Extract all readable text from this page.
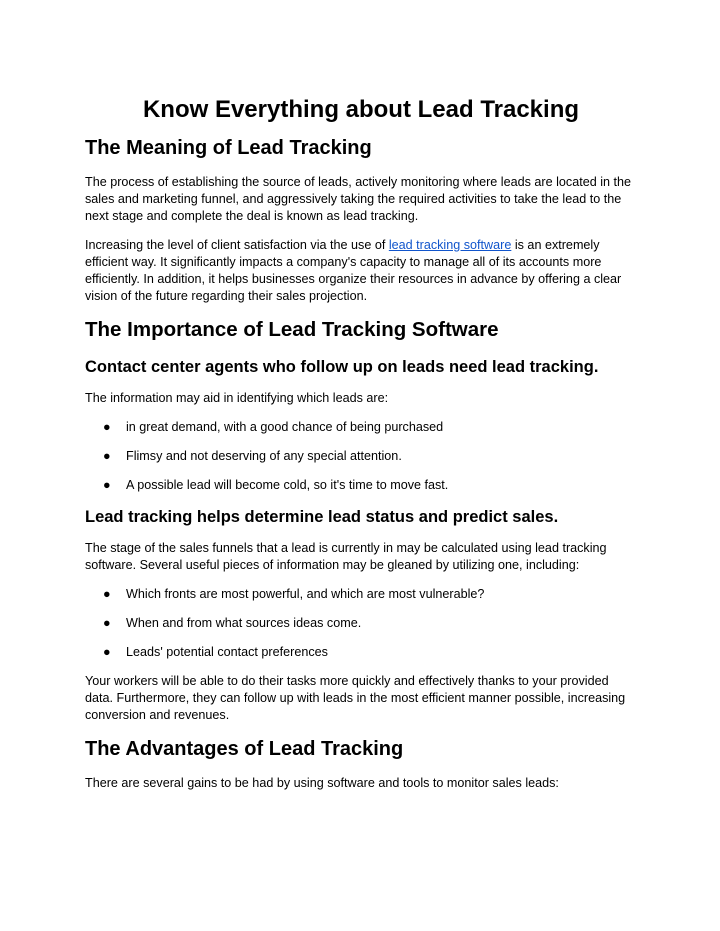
Know Everything about Lead Tracking
The Meaning of Lead Tracking

The process of establishing the source of leads, actively monitoring where leads are located in the sales and marketing funnel, and aggressively taking the required activities to take the lead to the next stage and complete the deal is known as lead tracking.

Increasing the level of client satisfaction via the use of lead tracking software is an extremely efficient way. It significantly impacts a company's capacity to manage all of its accounts more efficiently. In addition, it helps businesses organize their resources in advance by offering a clear vision of the future regarding their sales projection.

The Importance of Lead Tracking Software
Contact center agents who follow up on leads need lead tracking.

The information may aid in identifying which leads are:

● in great demand, with a good chance of being purchased
● Flimsy and not deserving of any special attention.
● A possible lead will become cold, so it's time to move fast.
Lead tracking helps determine lead status and predict sales.

The stage of the sales funnels that a lead is currently in may be calculated using lead tracking software. Several useful pieces of information may be gleaned by utilizing one, including:

● Which fronts are most powerful, and which are most vulnerable?
● When and from what sources ideas come.
● Leads' potential contact preferences

Your workers will be able to do their tasks more quickly and effectively thanks to your provided data. Furthermore, they can follow up with leads in the most efficient manner possible, increasing conversion and revenues.

The Advantages of Lead Tracking

There are several gains to be had by using software and tools to monitor sales leads:
